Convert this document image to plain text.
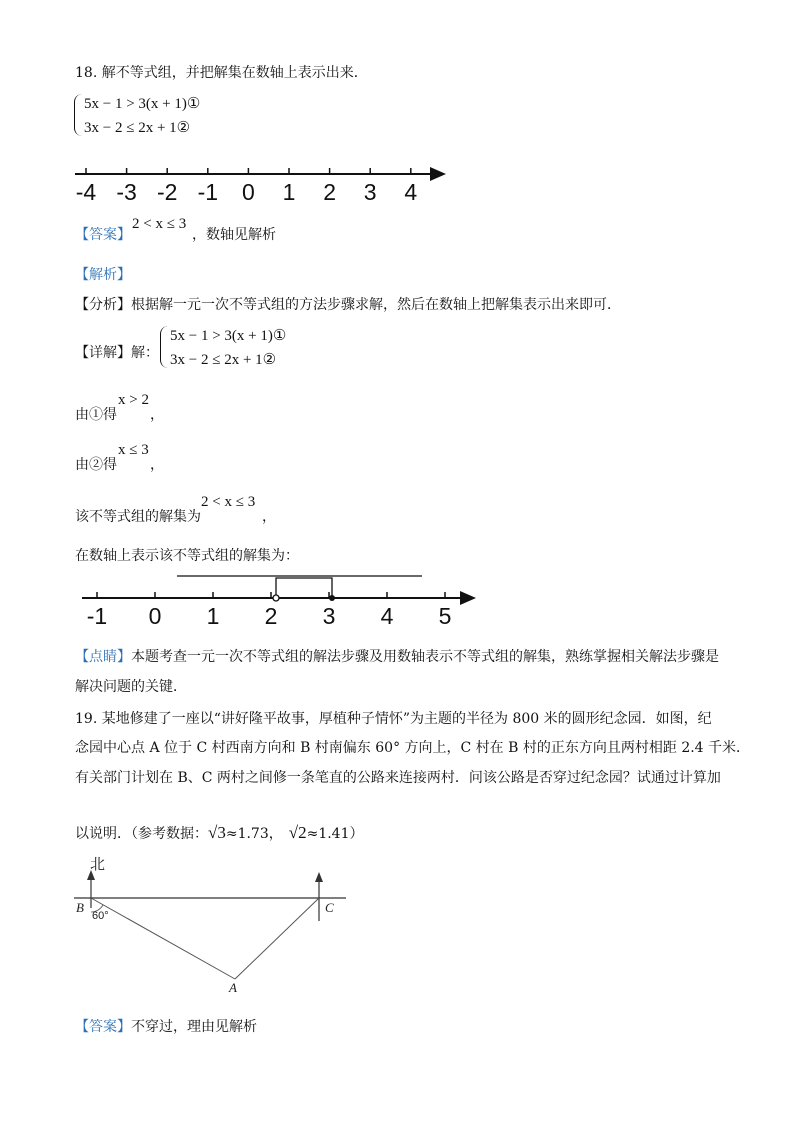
18. 解不等式组，并把解集在数轴上表示出来．
5x − 1 > 3(x + 1)①
3x − 2 ≤ 2x + 1②
-4 -3 -2 -1 0 1 2 3 4
【答案】
2 < x ≤ 3
，数轴见解析
【解析】
【分析】根据解一元一次不等式组的方法步骤求解，然后在数轴上把解集表示出来即可．
【详解】解：
5x − 1 > 3(x + 1)①
3x − 2 ≤ 2x + 1②
由①得
x > 2
，
由②得
x ≤ 3
，
该不等式组的解集为
2 < x ≤ 3
，
在数轴上表示该不等式组的解集为：
-1 0 1 2 3 4 5
【点睛】本题考查一元一次不等式组的解法步骤及用数轴表示不等式组的解集，熟练掌握相关解法步骤是
解决问题的关键．
19. 某地修建了一座以“讲好隆平故事，厚植种子情怀”为主题的半径为 800 米的圆形纪念园．如图，纪
念园中心点 A 位于 C 村西南方向和 B 村南偏东 60° 方向上，C 村在 B 村的正东方向且两村相距 2.4 千米．
有关部门计划在 B、C 两村之间修一条笔直的公路来连接两村．问该公路是否穿过纪念园？试通过计算加
以说明．（参考数据：√3≈1.73， √2≈1.41）
北
B	C
A
60°
【答案】不穿过，理由见解析
